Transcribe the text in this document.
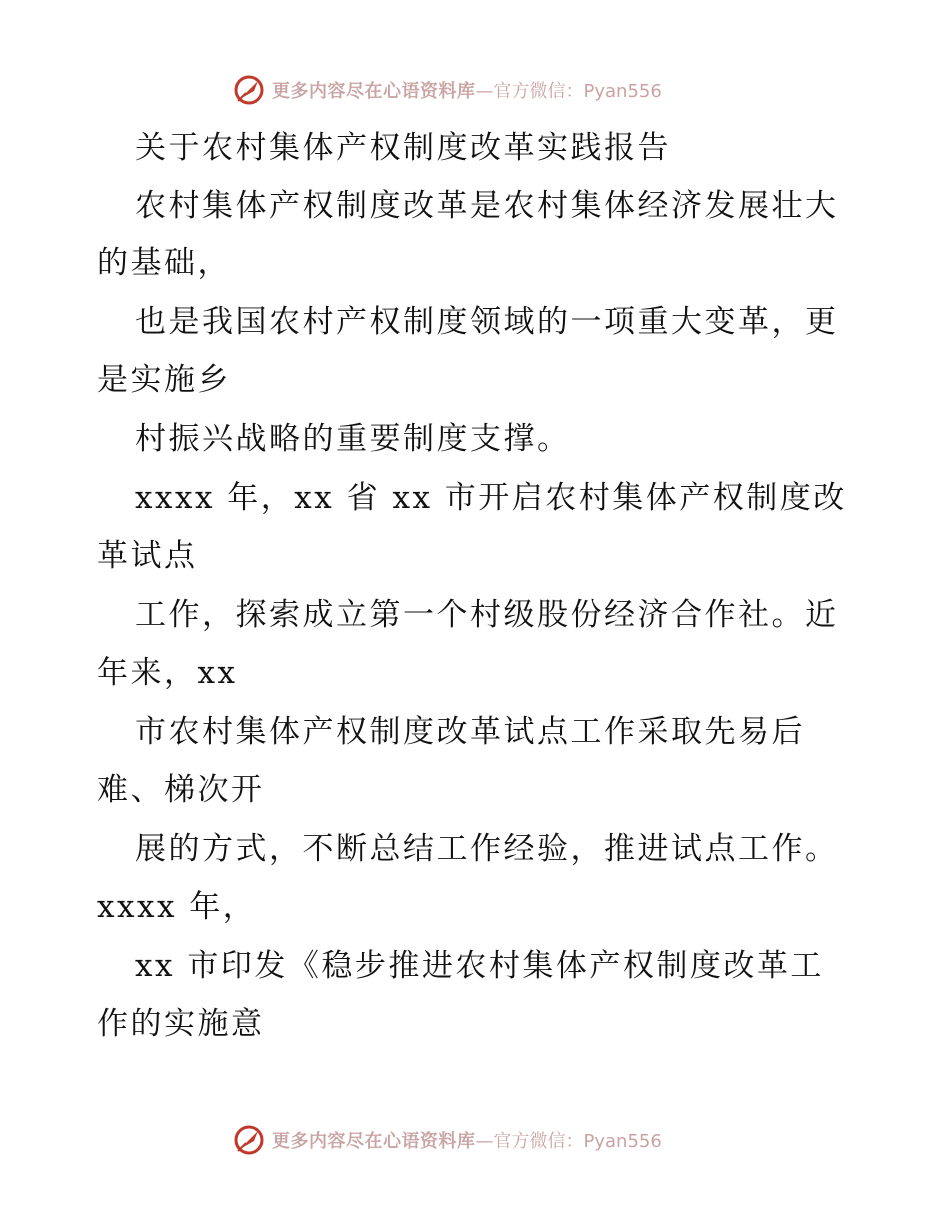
更多内容尽在心语资料库 —官方微信：Pyan556
关于农村集体产权制度改革实践报告
农村集体产权制度改革是农村集体经济发展壮大
的基础，
也是我国农村产权制度领域的一项重大变革，更
是实施乡
村振兴战略的重要制度支撑。
xxxx 年，xx 省 xx 市开启农村集体产权制度改
革试点
工作，探索成立第一个村级股份经济合作社。近
年来，xx
市农村集体产权制度改革试点工作采取先易后
难、梯次开
展的方式，不断总结工作经验，推进试点工作。
xxxx 年，
xx 市印发《稳步推进农村集体产权制度改革工
作的实施意
更多内容尽在心语资料库 —官方微信：Pyan556
